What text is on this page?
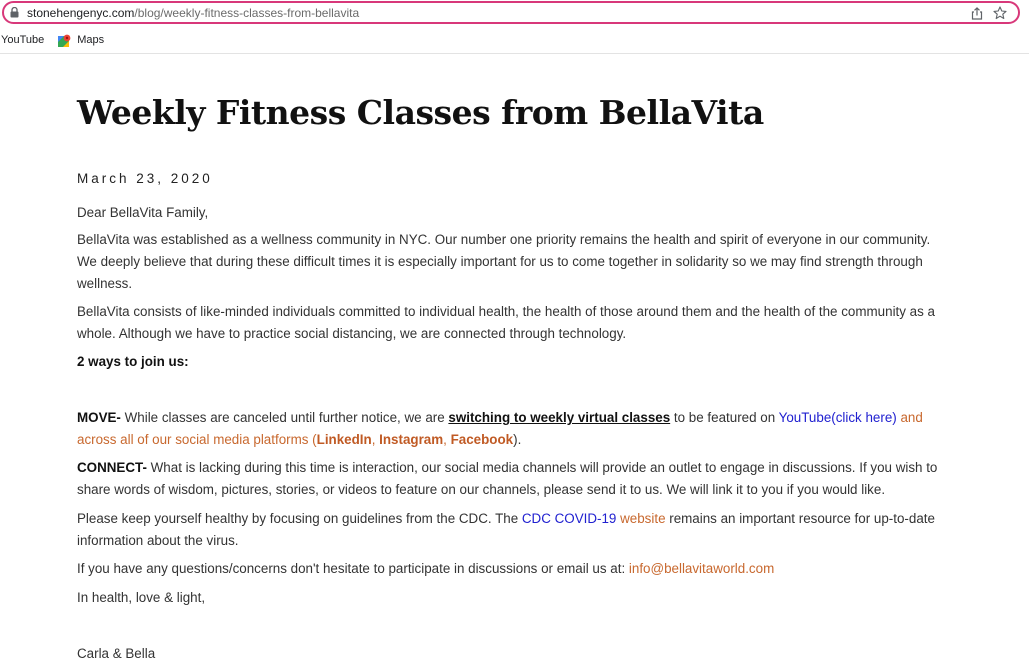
stonehengenyc.com/blog/weekly-fitness-classes-from-bellavita
YouTube	Maps
Weekly Fitness Classes from BellaVita
March 23, 2020

Dear BellaVita Family,

BellaVita was established as a wellness community in NYC. Our number one priority remains the health and spirit of everyone in our community. We deeply believe that during these difficult times it is especially important for us to come together in solidarity so we may find strength through wellness.

BellaVita consists of like-minded individuals committed to individual health, the health of those around them and the health of the community as a whole. Although we have to practice social distancing, we are connected through technology.

2 ways to join us:

MOVE- While classes are canceled until further notice, we are switching to weekly virtual classes to be featured on YouTube(click here) and across all of our social media platforms (LinkedIn, Instagram, Facebook).

CONNECT- What is lacking during this time is interaction, our social media channels will provide an outlet to engage in discussions. If you wish to share words of wisdom, pictures, stories, or videos to feature on our channels, please send it to us. We will link it to you if you would like.

Please keep yourself healthy by focusing on guidelines from the CDC. The CDC COVID-19 website remains an important resource for up-to-date information about the virus.

If you have any questions/concerns don't hesitate to participate in discussions or email us at: info@bellavitaworld.com

In health, love & light,

Carla & Bella
